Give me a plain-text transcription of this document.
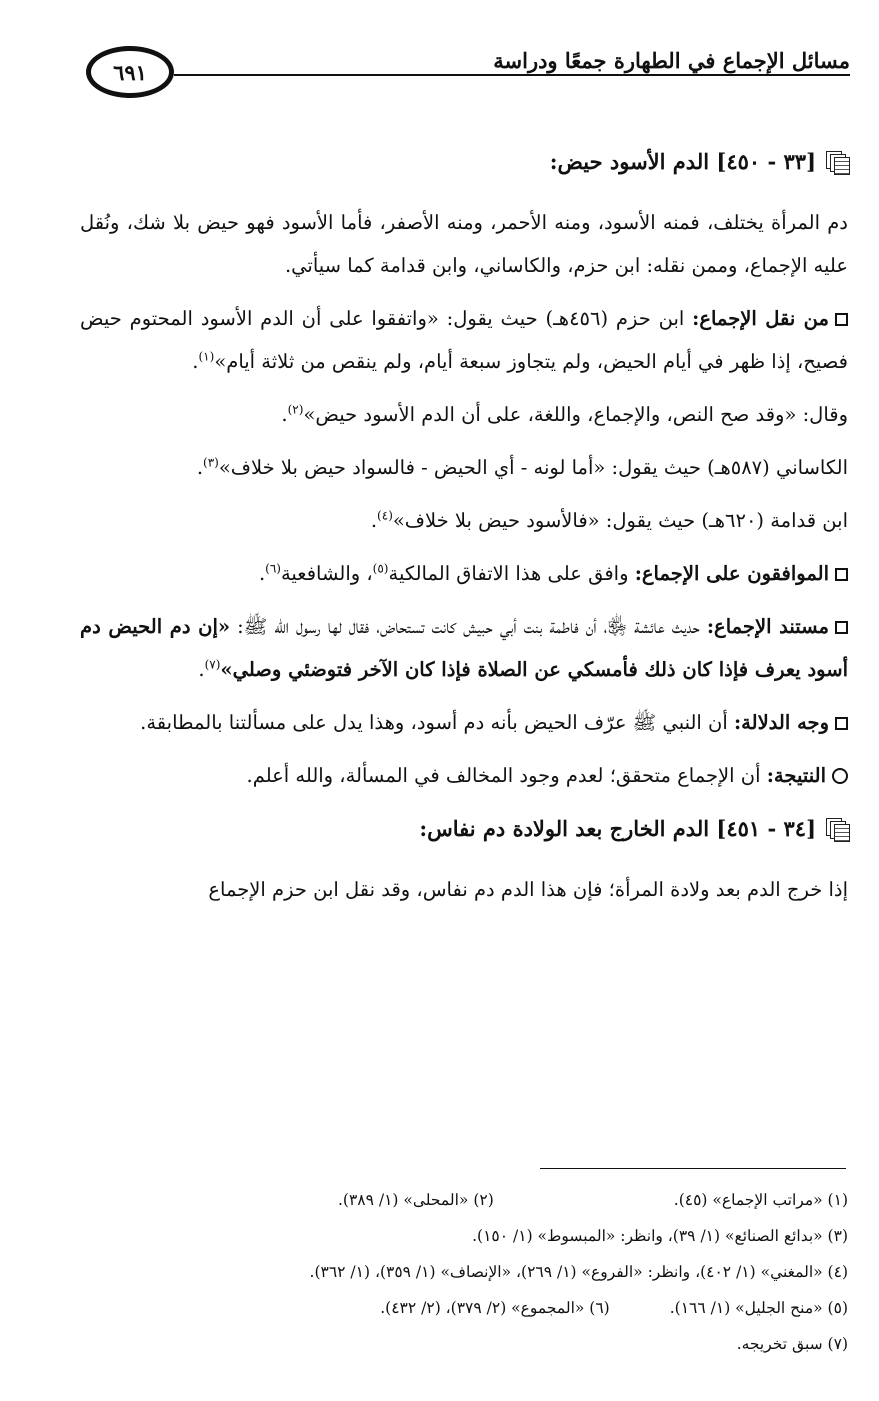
٦٩١	مسائل الإجماع في الطهارة جمعًا ودراسة
[٣٣ - ٤٥٠] الدم الأسود حيض:

دم المرأة يختلف، فمنه الأسود، ومنه الأحمر، ومنه الأصفر، فأما الأسود فهو حيض بلا شك، ونُقل عليه الإجماع، وممن نقله: ابن حزم، والكاساني، وابن قدامة كما سيأتي.

من نقل الإجماع: ابن حزم (٤٥٦هـ) حيث يقول: «واتفقوا على أن الدم الأسود المحتوم حيض فصيح، إذا ظهر في أيام الحيض، ولم يتجاوز سبعة أيام، ولم ينقص من ثلاثة أيام»$^{(١)}$.

وقال: «وقد صح النص، والإجماع، واللغة، على أن الدم الأسود حيض»$^{(٢)}$.

الكاساني (٥٨٧هـ) حيث يقول: «أما لونه - أي الحيض - فالسواد حيض بلا خلاف»$^{(٣)}$.

ابن قدامة (٦٢٠هـ) حيث يقول: «فالأسود حيض بلا خلاف»$^{(٤)}$.

الموافقون على الإجماع: وافق على هذا الاتفاق المالكية$^{(٥)}$، والشافعية$^{(٦)}$.

مستند الإجماع: حديث عائشة ﵂، أن فاطمة بنت أبي حبيش كانت تستحاض، فقال لها رسول الله ﷺ: «إن دم الحيض دم أسود يعرف فإذا كان ذلك فأمسكي عن الصلاة فإذا كان الآخر فتوضئي وصلي»$^{(٧)}$.

وجه الدلالة: أن النبي ﷺ عرّف الحيض بأنه دم أسود، وهذا يدل على مسألتنا بالمطابقة.

النتيجة: أن الإجماع متحقق؛ لعدم وجود المخالف في المسألة، والله أعلم.

[٣٤ - ٤٥١] الدم الخارج بعد الولادة دم نفاس:

إذا خرج الدم بعد ولادة المرأة؛ فإن هذا الدم دم نفاس، وقد نقل ابن حزم الإجماع

(١) «مراتب الإجماع» (٤٥).(٢) «المحلى» (١/ ٣٨٩).
(٣) «بدائع الصنائع» (١/ ٣٩)، وانظر: «المبسوط» (١/ ١٥٠).
(٤) «المغني» (١/ ٤٠٢)، وانظر: «الفروع» (١/ ٢٦٩)، «الإنصاف» (١/ ٣٥٩)، (١/ ٣٦٢).
(٥) «منح الجليل» (١/ ١٦٦).(٦) «المجموع» (٢/ ٣٧٩)، (٢/ ٤٣٢).
(٧) سبق تخريجه.
